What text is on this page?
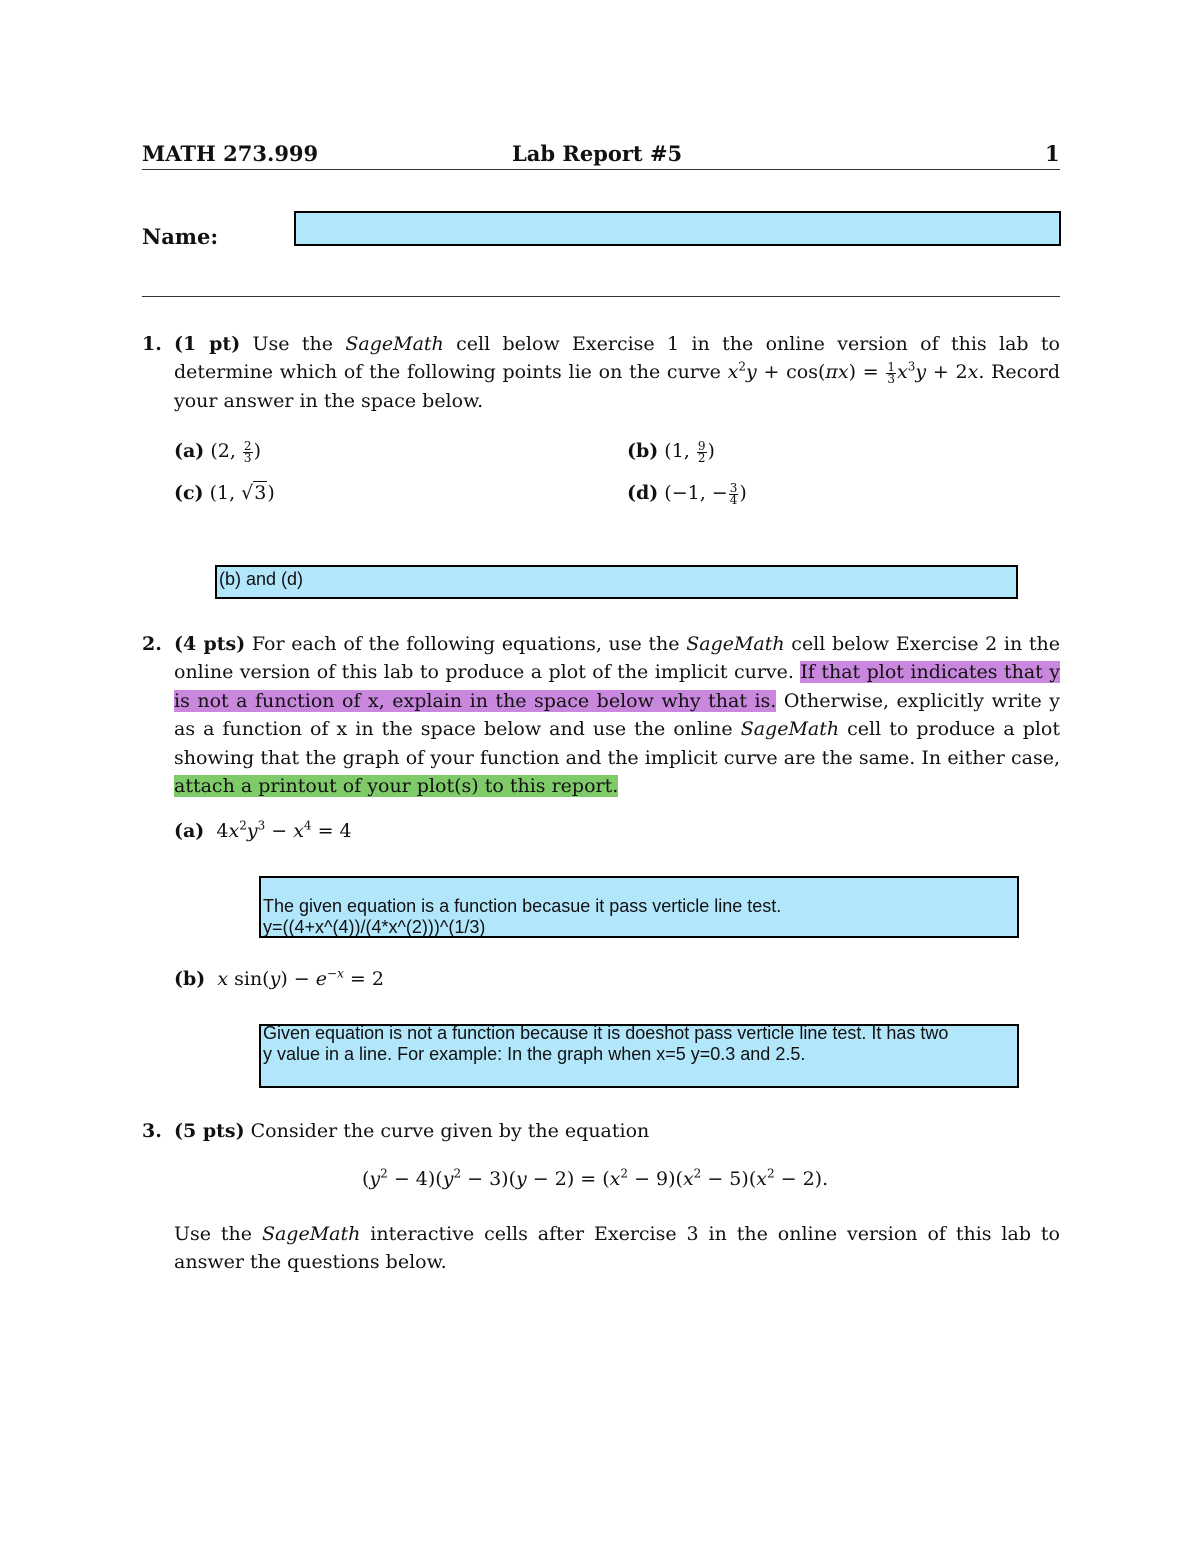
MATH 273.999	Lab Report #5	1
Name:
1. (1 pt) Use the SageMath cell below Exercise 1 in the online version of this lab to determine which of the following points lie on the curve $x^2y + \cos(\pi x) = \frac{1}{3} x^3y + 2x$. Record your answer in the space below.
(a) (2, $\frac{2}{3}$ )	(b) (1, $\frac{9}{2}$ )
(c) (1, √3)	(d) (−1, − $\frac{3}{4}$ )
(b) and (d)
2. (4 pts) For each of the following equations, use the SageMath cell below Exercise 2 in the online version of this lab to produce a plot of the implicit curve. If that plot indicates that y is not a function of x, explain in the space below why that is. Otherwise, explicitly write y as a function of x in the space below and use the online SageMath cell to produce a plot showing that the graph of your function and the implicit curve are the same. In either case, attach a printout of your plot(s) to this report.
(a)  $4x^2y^3 - x^4 = 4$
The given equation is a function becasue it pass verticle line test.
y=((4+x^(4))/(4*x^(2)))^(1/3)
(b) x $\sin(y) - e^{-x} = 2$
Given equation is not a function because it is doeshot pass verticle line test. It has two
y value in a line. For example: In the graph when x=5 y=0.3 and 2.5.
3. (5 pts) Consider the curve given by the equation
$(y^2 - 4)(y^2 - 3)(y - 2) = (x^2 - 9)(x^2 - 5)(x^2 - 2)$.
Use the SageMath interactive cells after Exercise 3 in the online version of this lab to answer the questions below.
